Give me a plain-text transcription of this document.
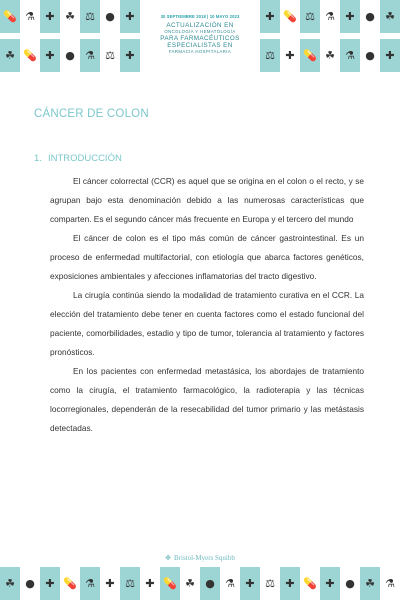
💊 ⚗ ✚ ☘ ⚖ ● ✚	✚ 💊 ⚖ ⚗ ✚ ● ☘
☘ 💊 ✚ ● ⚗ ⚖ ✚	⚖ ✚ 💊 ☘ ⚗ ● ✚
30 SEPTIEMBRE 2018 | 10 MAYO 2023
ACTUALIZACIÓN EN
ONCOLOGÍA Y HEMATOLOGÍA
PARA FARMACÉUTICOS
ESPECIALISTAS EN
FARMACIA HOSPITALARIA
CÁNCER DE COLON
1. INTRODUCCIÓN

El cáncer colorrectal (CCR) es aquel que se origina en el colon o el recto, y se agrupan bajo esta denominación debido a las numerosas características que comparten. Es el segundo cáncer más frecuente en Europa y el tercero del mundo

El cáncer de colon es el tipo más común de cáncer gastrointestinal. Es un proceso de enfermedad multifactorial, con etiología que abarca factores genéticos, exposiciones ambientales y afecciones inflamatorias del tracto digestivo.

La cirugía continúa siendo la modalidad de tratamiento curativa en el CCR. La elección del tratamiento debe tener en cuenta factores como el estado funcional del paciente, comorbilidades, estadio y tipo de tumor, tolerancia al tratamiento y factores pronósticos.

En los pacientes con enfermedad metastásica, los abordajes de tratamiento como la cirugía, el tratamiento farmacológico, la radioterapia y las técnicas locorregionales, dependerán de la resecabilidad del tumor primario y las metástasis detectadas.

✥ Bristol-Myers Squibb
☘ ● ✚ 💊 ⚗ ✚ ⚖ ✚ 💊 ☘ ● ⚗ ✚ ⚖ ✚ 💊 ✚ ● ☘ ⚗
